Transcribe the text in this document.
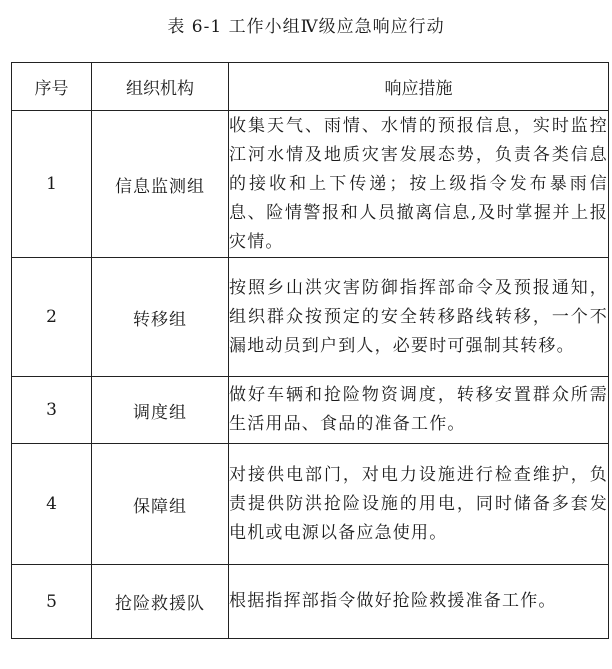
表 6-1 工作小组Ⅳ级应急响应行动
序号	组织机构	响应措施
1	信息监测组	收集天气、雨情、水情的预报信息，实时监控江河水情及地质灾害发展态势，负责各类信息的接收和上下传递；按上级指令发布暴雨信息、险情警报和人员撤离信息,及时掌握并上报灾情。
2	转移组	按照乡山洪灾害防御指挥部命令及预报通知，组织群众按预定的安全转移路线转移，一个不漏地动员到户到人，必要时可强制其转移。
3	调度组	做好车辆和抢险物资调度，转移安置群众所需生活用品、食品的准备工作。
4	保障组	对接供电部门，对电力设施进行检查维护，负责提供防洪抢险设施的用电，同时储备多套发电机或电源以备应急使用。
5	抢险救援队	根据指挥部指令做好抢险救援准备工作。
